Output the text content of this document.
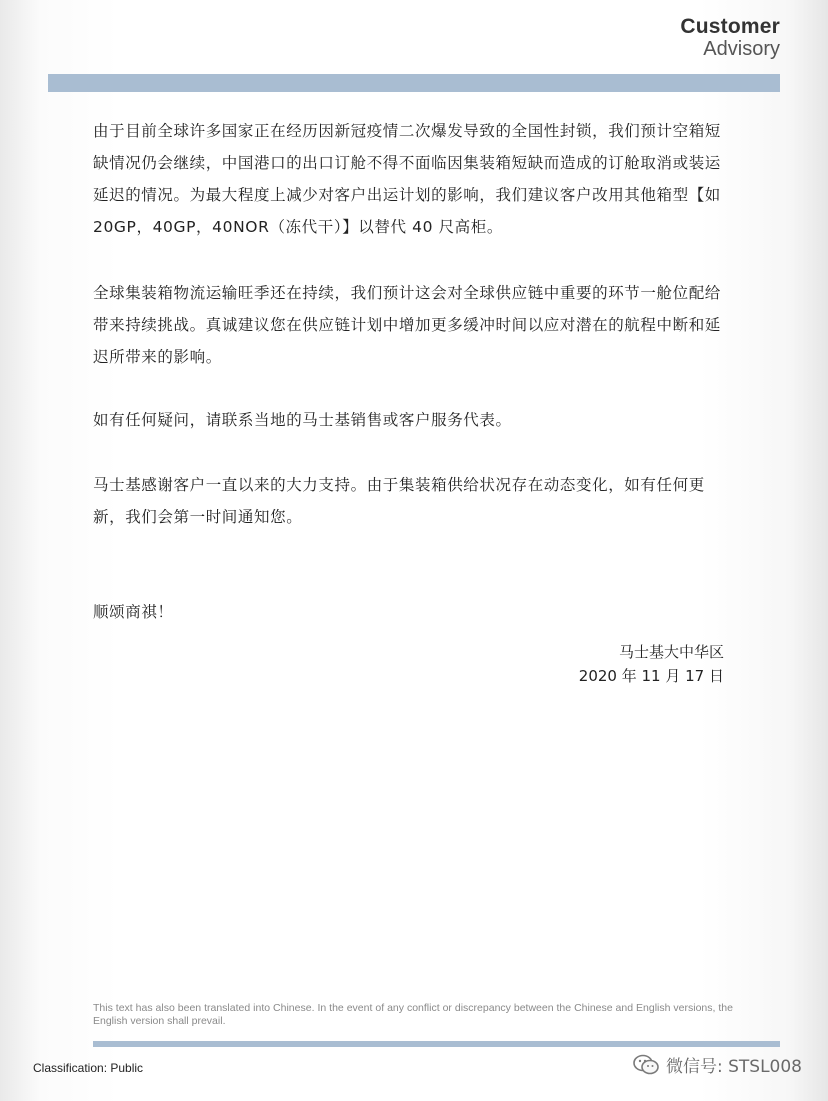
Customer
Advisory
由于目前全球许多国家正在经历因新冠疫情二次爆发导致的全国性封锁，我们预计空箱短缺情况仍会继续，中国港口的出口订舱不得不面临因集装箱短缺而造成的订舱取消或装运延迟的情况。为最大程度上减少对客户出运计划的影响，我们建议客户改用其他箱型【如 20GP，40GP，40NOR（冻代干）】以替代 40 尺高柜。
全球集装箱物流运输旺季还在持续，我们预计这会对全球供应链中重要的环节一舱位配给带来持续挑战。真诚建议您在供应链计划中增加更多缓冲时间以应对潜在的航程中断和延迟所带来的影响。
如有任何疑问，请联系当地的马士基销售或客户服务代表。
马士基感谢客户一直以来的大力支持。由于集装箱供给状况存在动态变化，如有任何更新，我们会第一时间通知您。
顺颂商祺！
马士基大中华区
2020 年 11 月 17 日
This text has also been translated into Chinese. In the event of any conflict or discrepancy between the Chinese and English versions, the English version shall prevail.
Classification: Public	微信号: STSL008
